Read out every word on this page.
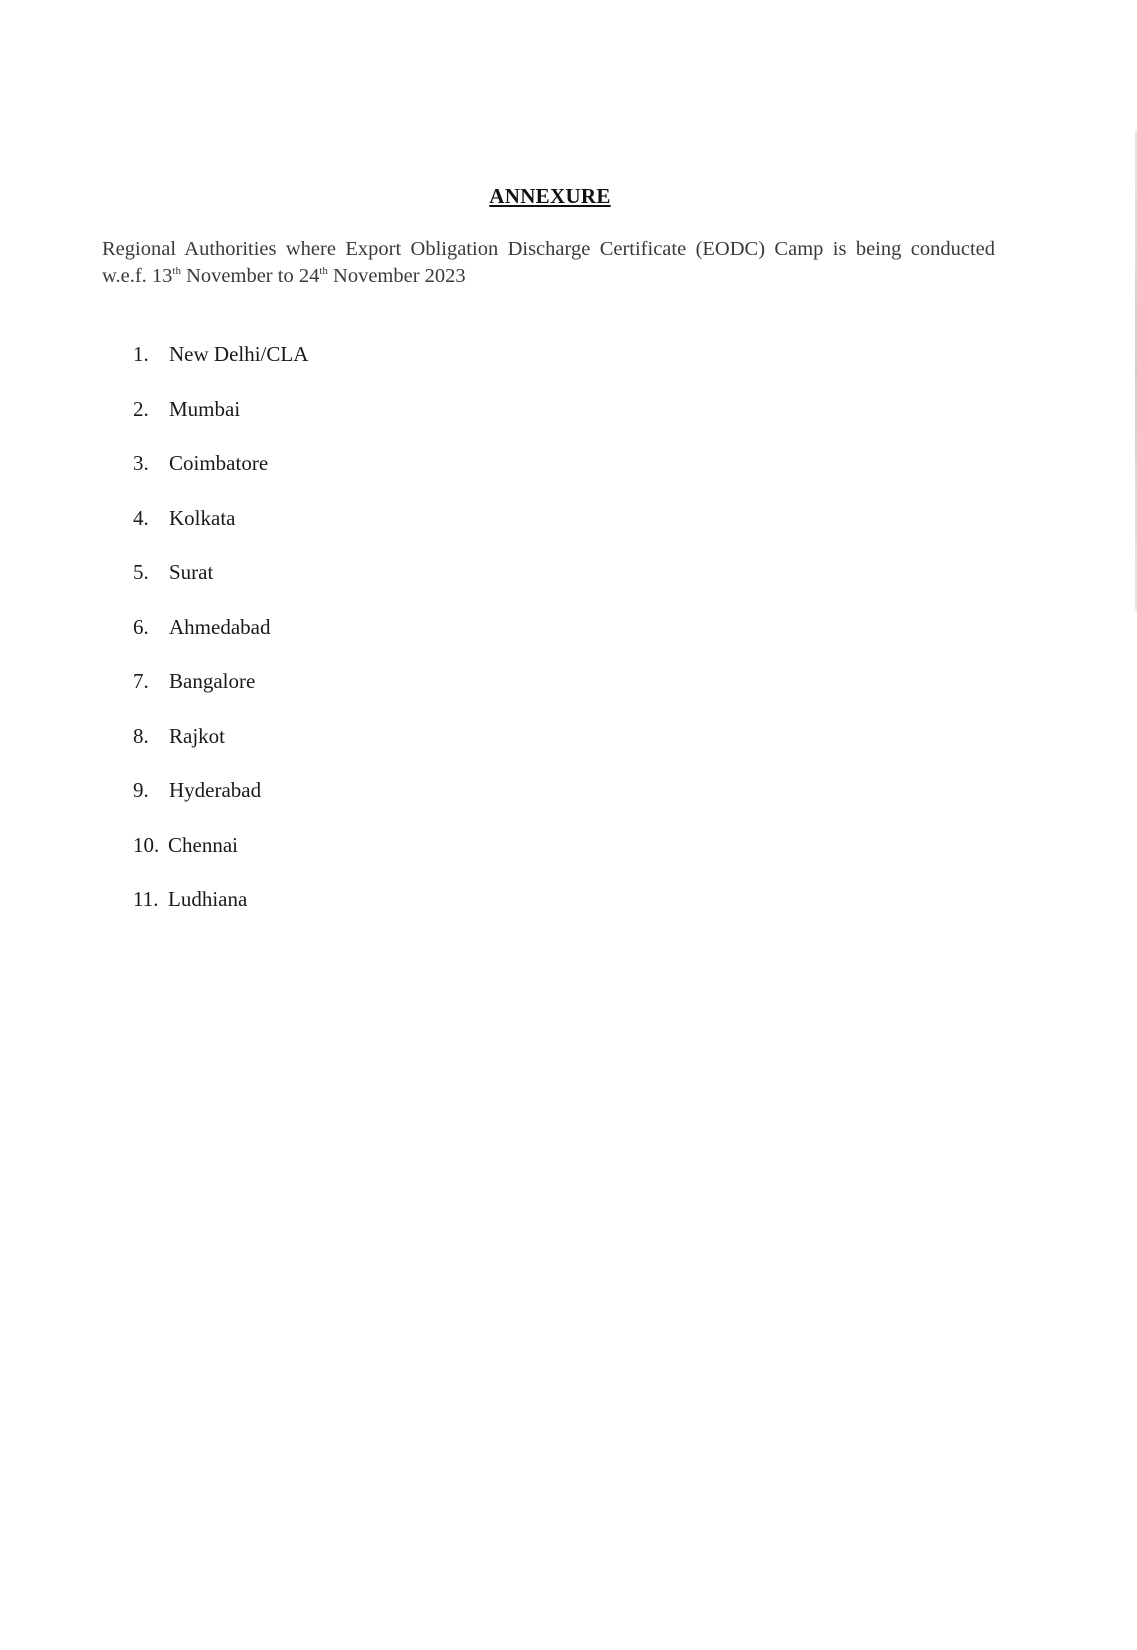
ANNEXURE
Regional Authorities where Export Obligation Discharge Certificate (EODC) Camp is being conducted w.e.f. 13th November to 24th November 2023
1. New Delhi/CLA
2. Mumbai
3. Coimbatore
4. Kolkata
5. Surat
6. Ahmedabad
7. Bangalore
8. Rajkot
9. Hyderabad
10. Chennai
11. Ludhiana
